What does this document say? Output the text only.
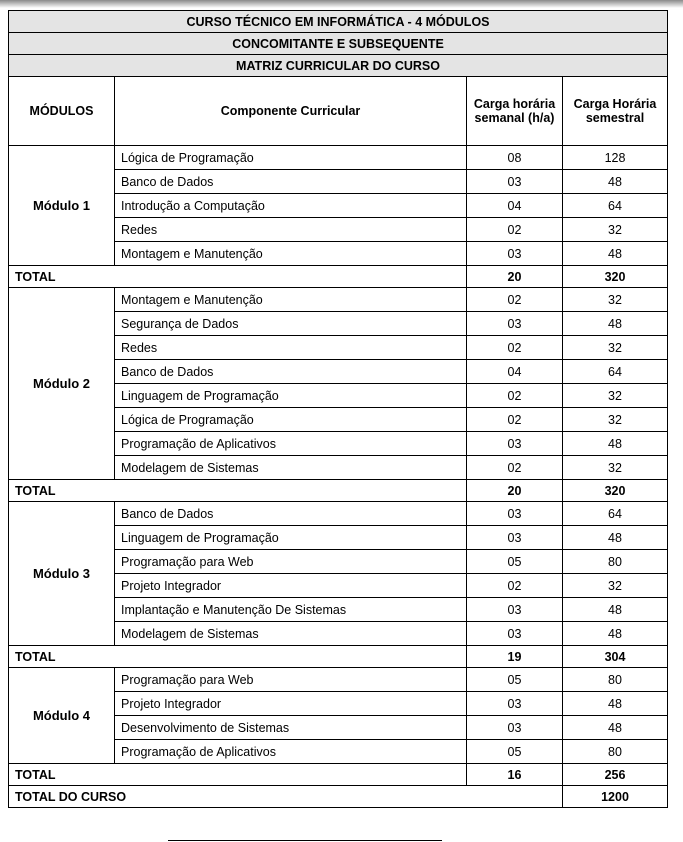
CURSO TÉCNICO EM INFORMÁTICA - 4 MÓDULOS			
CONCOMITANTE E SUBSEQUENTE			
MATRIZ CURRICULAR DO CURSO			
MÓDULOS	Componente Curricular	Carga horária semanal (h/a)	Carga Horária semestral
Módulo 1	Lógica de Programação	08	128
	Banco de Dados	03	48
	Introdução a Computação	04	64
	Redes	02	32
	Montagem e Manutenção	03	48
TOTAL		20	320
Módulo 2	Montagem e Manutenção	02	32
	Segurança de Dados	03	48
	Redes	02	32
	Banco de Dados	04	64
	Linguagem de Programação	02	32
	Lógica de Programação	02	32
	Programação de Aplicativos	03	48
	Modelagem de Sistemas	02	32
TOTAL		20	320
Módulo 3	Banco de Dados	03	64
	Linguagem de Programação	03	48
	Programação para Web	05	80
	Projeto Integrador	02	32
	Implantação e Manutenção De Sistemas	03	48
	Modelagem de Sistemas	03	48
TOTAL		19	304
Módulo 4	Programação para Web	05	80
	Projeto Integrador	03	48
	Desenvolvimento de Sistemas	03	48
	Programação de Aplicativos	05	80
TOTAL		16	256
TOTAL DO CURSO			1200
